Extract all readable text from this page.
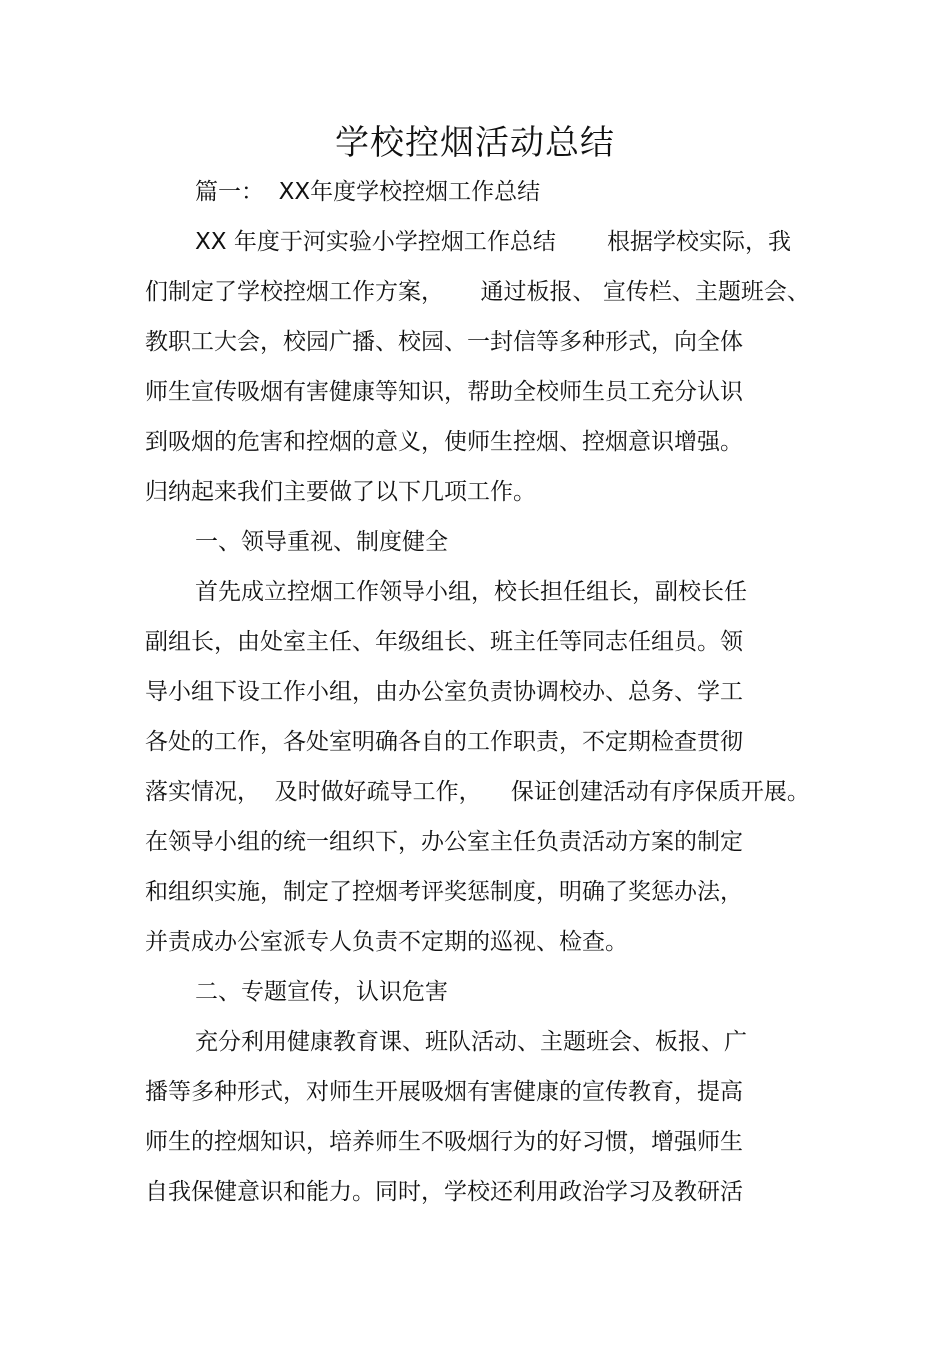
学校控烟活动总结

篇一：  XX年度学校控烟工作总结

XX 年度于河实验小学控烟工作总结       根据学校实际，我

们制定了学校控烟工作方案，     通过板报、 宣传栏、主题班会、

教职工大会，校园广播、校园、一封信等多种形式，向全体

师生宣传吸烟有害健康等知识，帮助全校师生员工充分认识

到吸烟的危害和控烟的意义，使师生控烟、控烟意识增强。

归纳起来我们主要做了以下几项工作。

一、领导重视、制度健全

首先成立控烟工作领导小组，校长担任组长，副校长任

副组长，由处室主任、年级组长、班主任等同志任组员。领

导小组下设工作小组，由办公室负责协调校办、总务、学工

各处的工作，各处室明确各自的工作职责，不定期检查贯彻

落实情况，  及时做好疏导工作，    保证创建活动有序保质开展。

在领导小组的统一组织下，办公室主任负责活动方案的制定

和组织实施，制定了控烟考评奖惩制度，明确了奖惩办法，

并责成办公室派专人负责不定期的巡视、检查。

二、专题宣传，认识危害

充分利用健康教育课、班队活动、主题班会、板报、广

播等多种形式，对师生开展吸烟有害健康的宣传教育，提高

师生的控烟知识，培养师生不吸烟行为的好习惯，增强师生

自我保健意识和能力。同时，学校还利用政治学习及教研活
